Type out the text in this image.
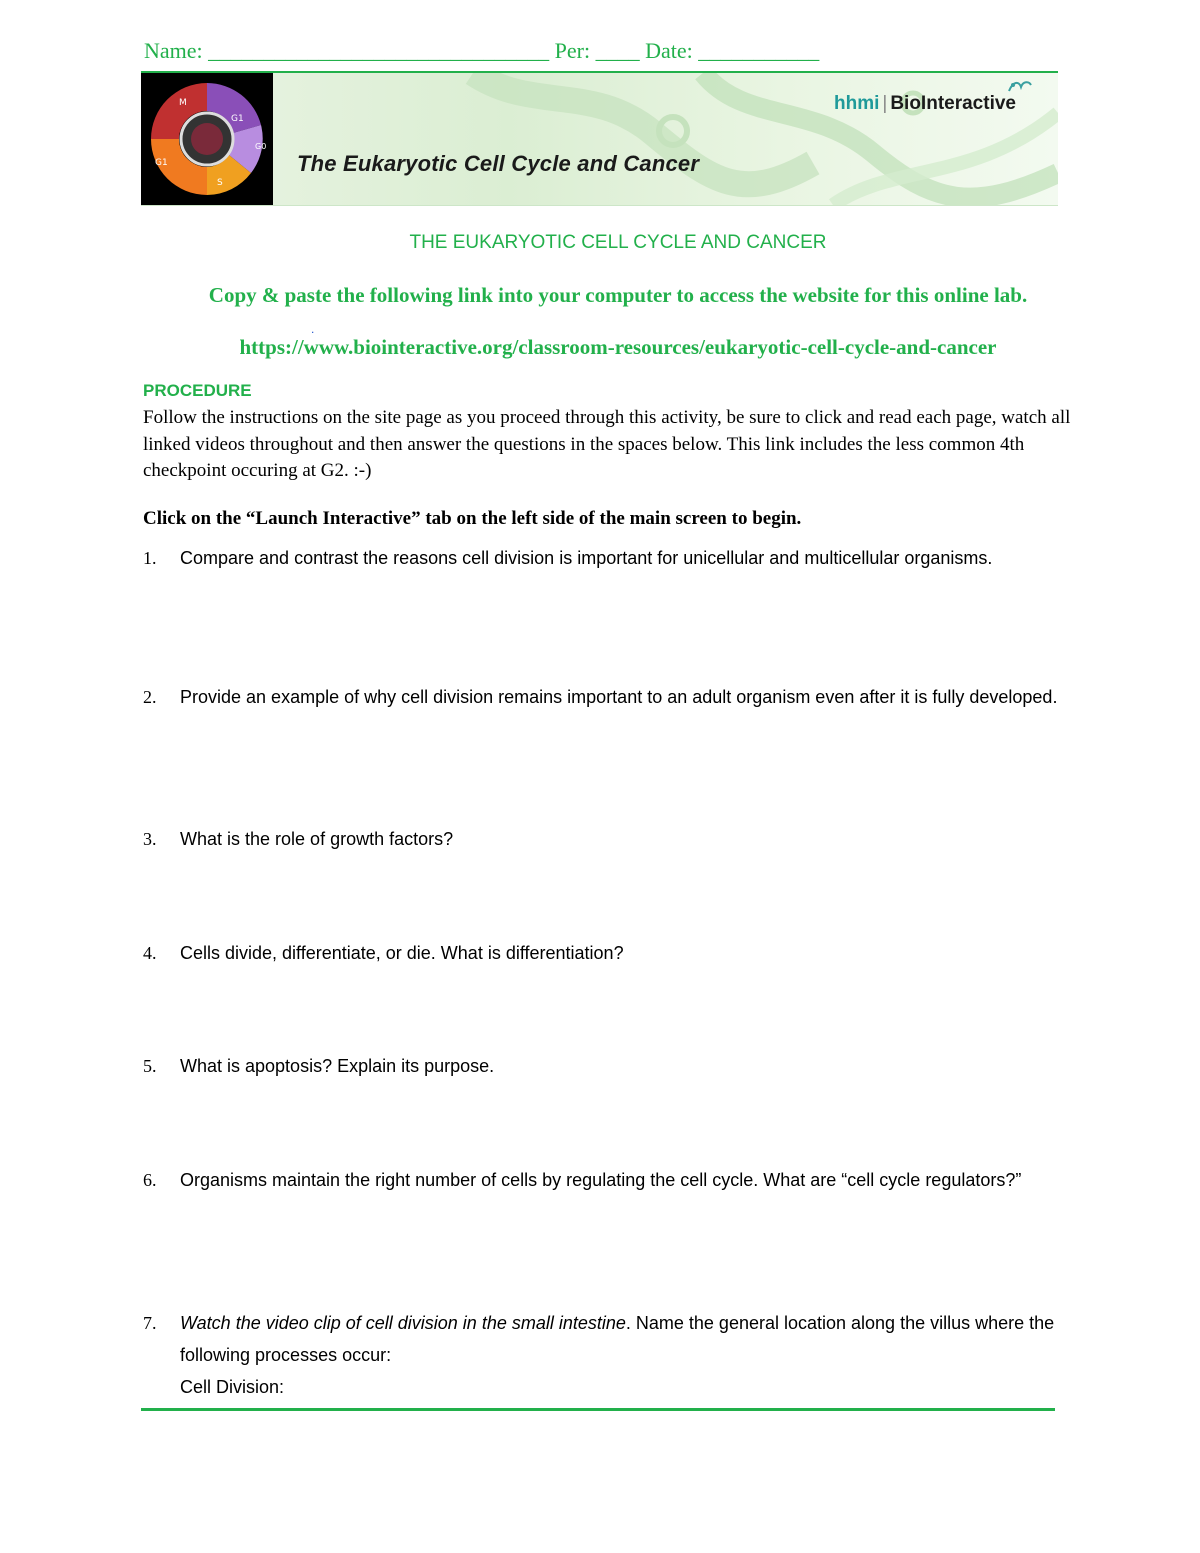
Name: _______________________________ Per: ____ Date: ___________
M
G1
G0
S
G1	The Eukaryotic Cell Cycle and Cancer
hhmi | BioInteractive
THE EUKARYOTIC CELL CYCLE AND CANCER
Copy & paste the following link into your computer to access the website for this online lab.
.
https://www.biointeractive.org/classroom-resources/eukaryotic-cell-cycle-and-cancer
PROCEDURE
Follow the instructions on the site page as you proceed through this activity, be sure to click and read each page, watch all linked videos throughout and then answer the questions in the spaces below. This link includes the less common 4th checkpoint occuring at G2. :-)
Click on the “Launch Interactive” tab on the left side of the main screen to begin.
1. Compare and contrast the reasons cell division is important for unicellular and multicellular organisms.
2. Provide an example of why cell division remains important to an adult organism even after it is fully developed.
3. What is the role of growth factors?
4. Cells divide, differentiate, or die. What is differentiation?
5. What is apoptosis? Explain its purpose.
6. Organisms maintain the right number of cells by regulating the cell cycle. What are “cell cycle regulators?”
7. Watch the video clip of cell division in the small intestine. Name the general location along the villus where the following processes occur:
Cell Division:
